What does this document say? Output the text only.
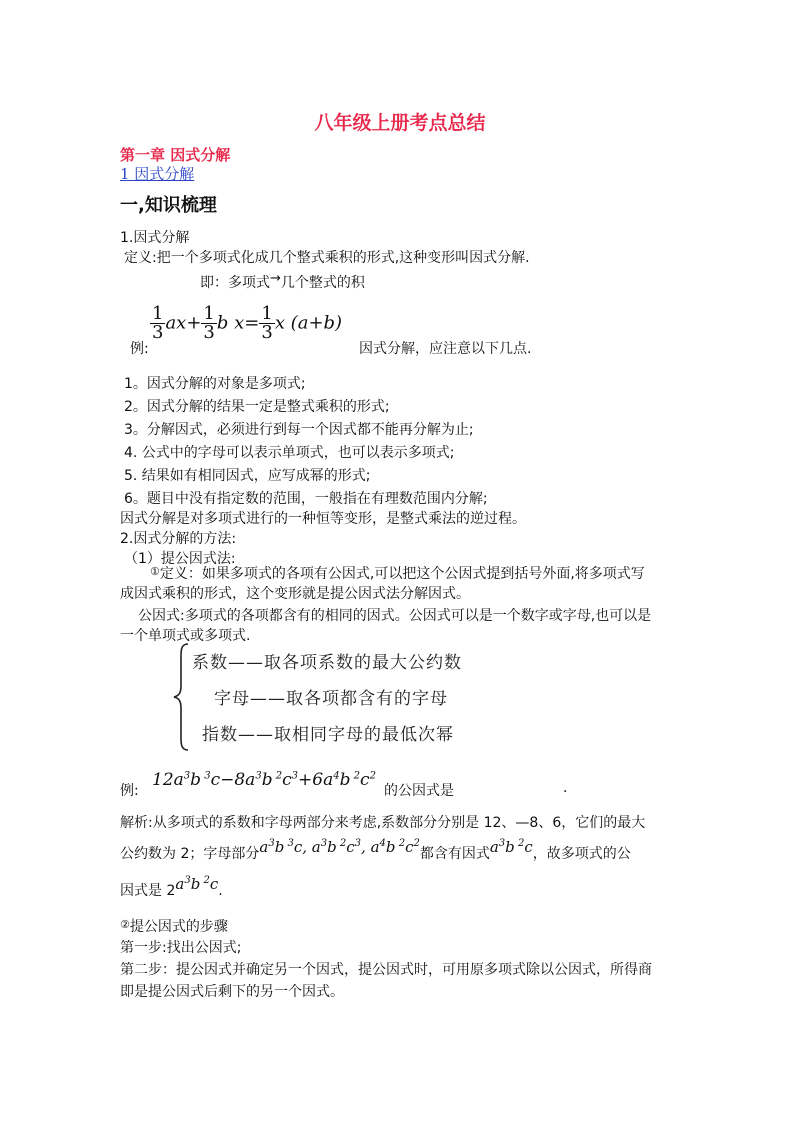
八年级上册考点总结
第一章 因式分解
1 因式分解
一,知识梳理
1.因式分解
定义:把一个多项式化成几个整式乘积的形式,这种变形叫因式分解.
即：多项式→几个整式的积
例:
$\frac{1}{3} ax+ \frac{1}{3}$ b $x= \frac{1}{3}$ x (a+b)
因式分解，应注意以下几点.
1。因式分解的对象是多项式;
2。因式分解的结果一定是整式乘积的形式;
3。分解因式，必须进行到每一个因式都不能再分解为止;
4. 公式中的字母可以表示单项式，也可以表示多项式;
5. 结果如有相同因式，应写成幂的形式;
6。题目中没有指定数的范围，一般指在有理数范围内分解;
因式分解是对多项式进行的一种恒等变形，是整式乘法的逆过程。
2.因式分解的方法:
（1）提公因式法:
①定义：如果多项式的各项有公因式,可以把这个公因式提到括号外面,将多项式写
成因式乘积的形式，这个变形就是提公因式法分解因式。
公因式:多项式的各项都含有的相同的因式。公因式可以是一个数字或字母,也可以是
一个单项式或多项式.
系数——取各项系数的最大公约数
字母——取各项都含有的字母
指数——取相同字母的最低次幂
例:
$12a^3b$ $^3c-8a^3b$ $^2c^3+6a^4b$ $^2c^2$
的公因式是	.
解析:从多项式的系数和字母两部分来考虑,系数部分分别是 12、—8、6，它们的最大
公约数为 2；字母部分$a^3b$ $^3$c, $a^3b$ $^2c^3$, $a^4b$ $^2c^2$都含有因式$a^3b$ $^2$c，故多项式的公
因式是 $2a^3b$ $^2$c.
②提公因式的步骤
第一步:找出公因式;
第二步：提公因式并确定另一个因式，提公因式时，可用原多项式除以公因式，所得商
即是提公因式后剩下的另一个因式。
